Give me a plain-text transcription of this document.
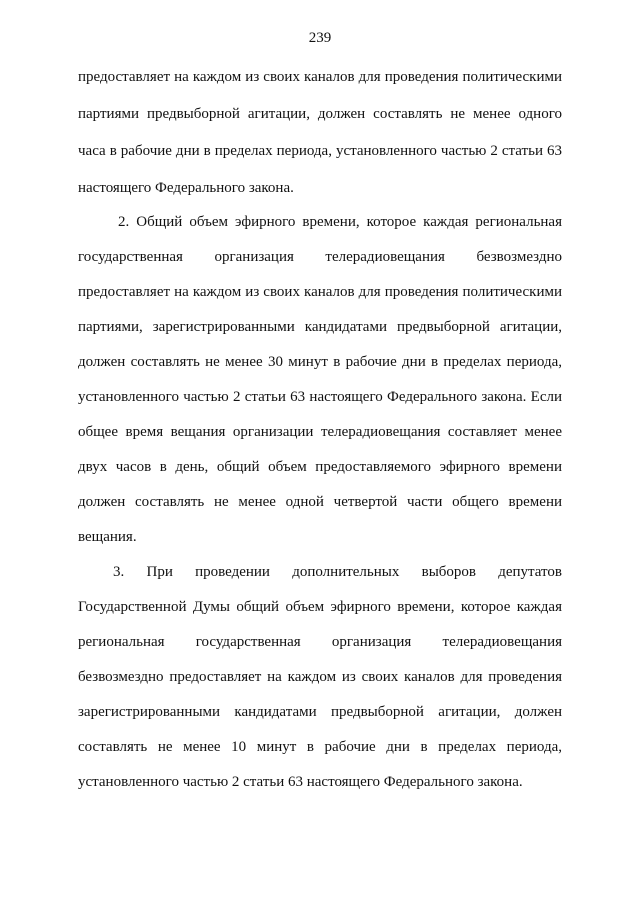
239
предоставляет на каждом из своих каналов для проведения политическими
партиями предвыборной агитации, должен составлять не менее одного
часа в рабочие дни в пределах периода, установленного частью 2 статьи 63
настоящего Федерального закона.
2. Общий объем эфирного времени, которое каждая региональная
государственная организация телерадиовещания безвозмездно
предоставляет на каждом из своих каналов для проведения политическими
партиями, зарегистрированными кандидатами предвыборной агитации,
должен составлять не менее 30 минут в рабочие дни в пределах периода,
установленного частью 2 статьи 63 настоящего Федерального закона. Если
общее время вещания организации телерадиовещания составляет менее
двух часов в день, общий объем предоставляемого эфирного времени
должен составлять не менее одной четвертой части общего времени
вещания.
3. При проведении дополнительных выборов депутатов
Государственной Думы общий объем эфирного времени, которое каждая
региональная государственная организация телерадиовещания
безвозмездно предоставляет на каждом из своих каналов для проведения
зарегистрированными кандидатами предвыборной агитации, должен
составлять не менее 10 минут в рабочие дни в пределах периода,
установленного частью 2 статьи 63 настоящего Федерального закона.
